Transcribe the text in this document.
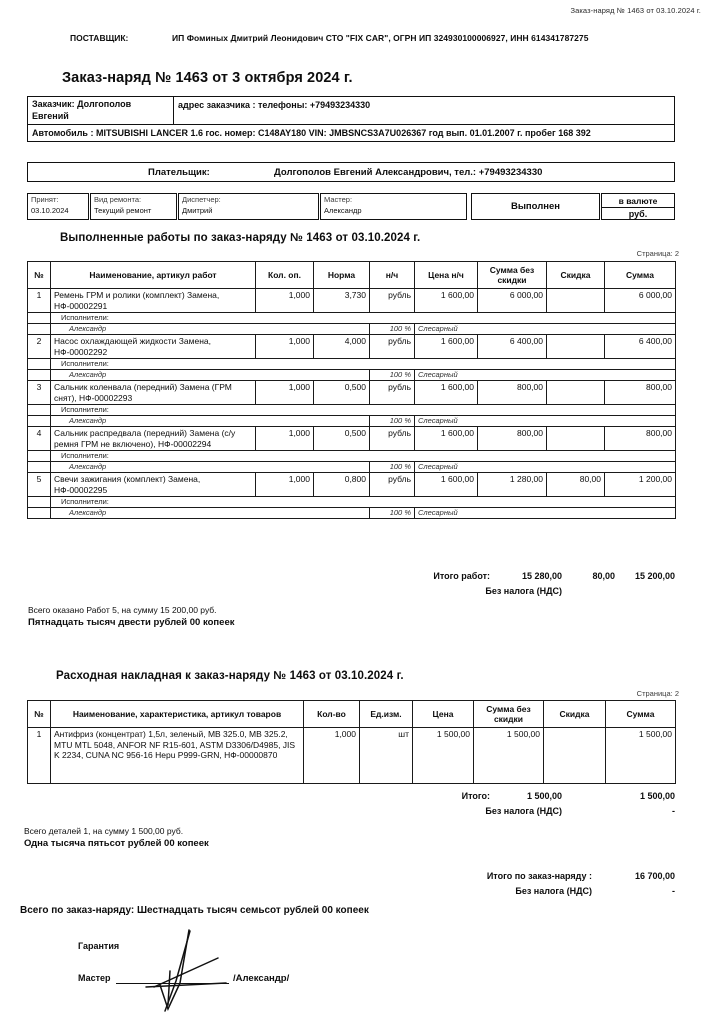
Заказ-наряд № 1463 от 03.10.2024 г.
ПОСТАВЩИК:	ИП Фоминых Дмитрий Леонидович СТО "FIX CAR", ОГРН ИП 324930100006927, ИНН 614341787275
Заказ-наряд № 1463 от 3 октября 2024 г.
Заказчик: Долгополов Евгений
адрес заказчика : телефоны: +79493234330
Автомобиль : MITSUBISHI LANCER 1.6 гос. номер: C148AY180 VIN: JMBSNCS3A7U026367 год вып. 01.01.2007 г. пробег 168 392
Плательщик:	Долгополов Евгений Александрович, тел.: +79493234330
Принят:
03.10.2024
Вид ремонта:
Текущий ремонт
Диспетчер:
Дмитрий
Мастер:
Александр	Выполнен
в валюте
руб.
Выполненные работы по заказ-наряду № 1463 от 03.10.2024 г.
Страница: 2
№	Наименование, артикул работ	Кол. оп.	Норма	н/ч	Цена н/ч	Сумма без скидки	Скидка	Сумма
1	Ремень ГРМ и ролики (комплект) Замена, НФ-00002291	1,000	3,730	рубль	1 600,00	6 000,00		6 000,00
	Исполнители:							
	Александр			100 %	Слесарный			
2	Насос охлаждающей жидкости Замена, НФ-00002292	1,000	4,000	рубль	1 600,00	6 400,00		6 400,00
	Исполнители:							
	Александр			100 %	Слесарный			
3	Сальник коленвала (передний) Замена (ГРМ снят), НФ-00002293	1,000	0,500	рубль	1 600,00	800,00		800,00
	Исполнители:							
	Александр			100 %	Слесарный			
4	Сальник распредвала (передний) Замена (с/у ремня ГРМ не включено), НФ-00002294	1,000	0,500	рубль	1 600,00	800,00		800,00
	Исполнители:							
	Александр			100 %	Слесарный			
5	Свечи зажигания (комплект) Замена, НФ-00002295	1,000	0,800	рубль	1 600,00	1 280,00	80,00	1 200,00
	Исполнители:							
	Александр			100 %	Слесарный			
Итого работ:	15 280,00	80,00	15 200,00
Без налога (НДС)
Всего оказано Работ 5, на сумму 15 200,00 руб.
Пятнадцать тысяч двести рублей 00 копеек
Расходная накладная к заказ-наряду № 1463 от 03.10.2024 г.
Страница: 2
№	Наименование, характеристика, артикул товаров	Кол-во	Ед.изм.	Цена	Сумма без скидки	Скидка	Сумма
1	Антифриз (концентрат) 1,5л, зеленый, MB 325.0, MB 325.2, MTU MTL 5048, ANFOR NF R15-601, ASTM D3306/D4985, JIS K 2234, CUNA NC 956-16 Hepu P999-GRN, НФ-00000870	1,000	шт	1 500,00	1 500,00		1 500,00
Итого:	1 500,00	1 500,00
Без налога (НДС)	-
Всего деталей 1, на сумму 1 500,00 руб.
Одна тысяча пятьсот рублей 00 копеек
Итого по заказ-наряду :	16 700,00
Без налога (НДС)	-
Всего по заказ-наряду: Шестнадцать тысяч семьсот рублей 00 копеек
Гарантия
Мастер	/Александр/
